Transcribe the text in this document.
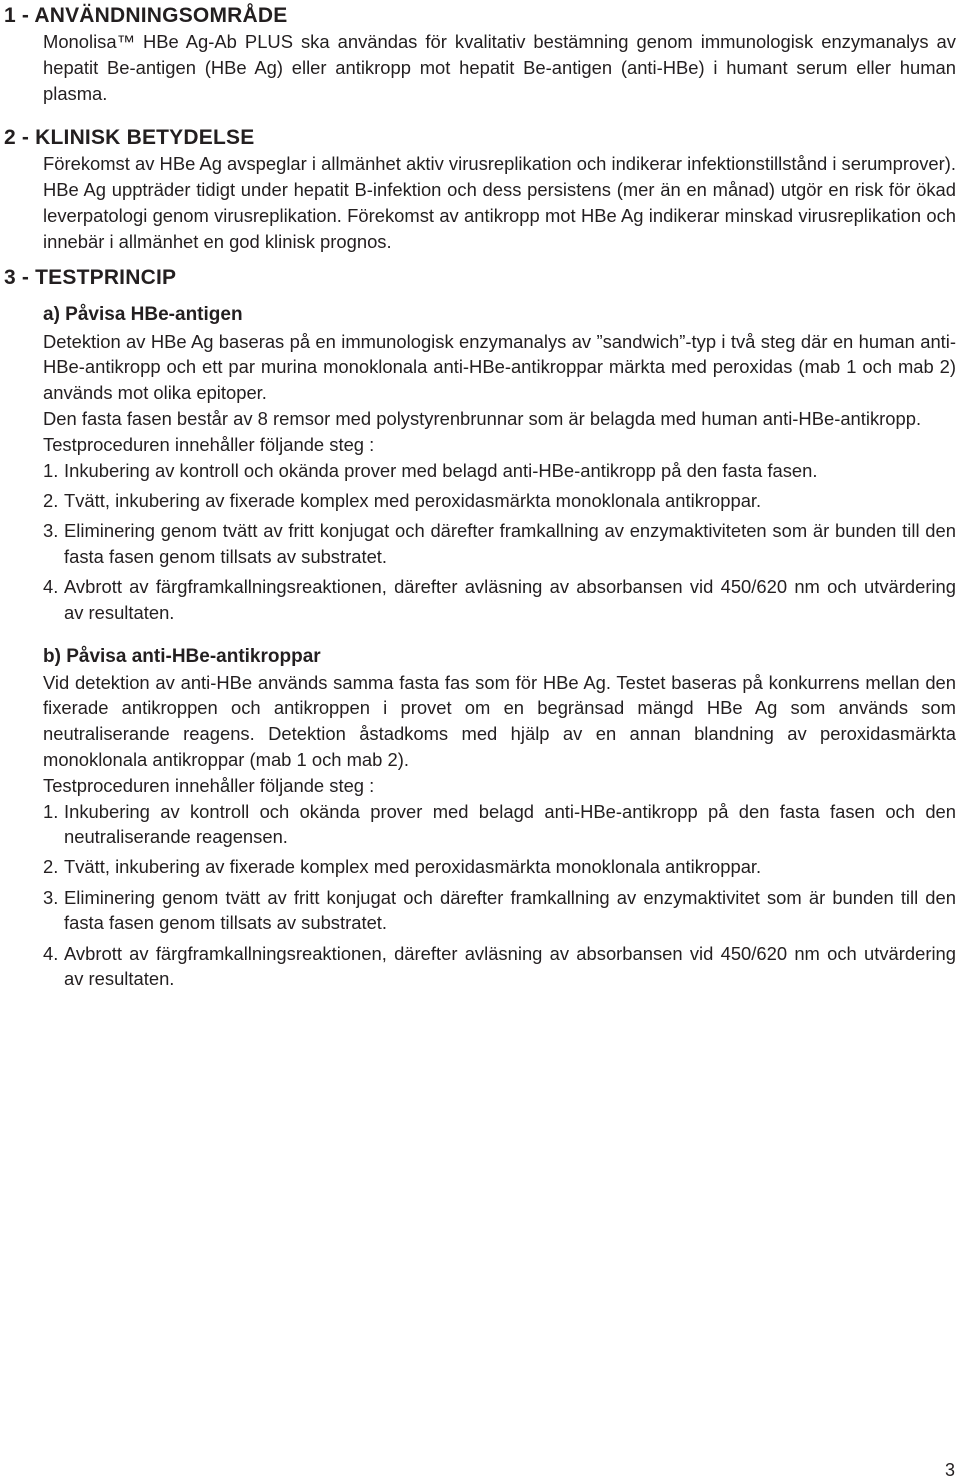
1 - ANVÄNDNINGSOMRÅDE

Monolisa™ HBe Ag-Ab PLUS ska användas för kvalitativ bestämning genom immunologisk enzymanalys av hepatit Be-antigen (HBe Ag) eller antikropp mot hepatit Be-antigen (anti-HBe) i humant serum eller human plasma.

2 - KLINISK BETYDELSE

Förekomst av HBe Ag avspeglar i allmänhet aktiv virusreplikation och indikerar infektionstillstånd i serumprover). HBe Ag uppträder tidigt under hepatit B-infektion och dess persistens (mer än en månad) utgör en risk för ökad leverpatologi genom virusreplikation. Förekomst av antikropp mot HBe Ag indikerar minskad virusreplikation och innebär i allmänhet en god klinisk prognos.

3 - TESTPRINCIP
a) Påvisa HBe-antigen

Detektion av HBe Ag baseras på en immunologisk enzymanalys av ”sandwich”-typ i två steg där en human anti-HBe-antikropp och ett par murina monoklonala anti-HBe-antikroppar märkta med peroxidas (mab 1 och mab 2) används mot olika epitoper.

Den fasta fasen består av 8 remsor med polystyrenbrunnar som är belagda med human anti-HBe-antikropp.

Testproceduren innehåller följande steg :

1. Inkubering av kontroll och okända prover med belagd anti-HBe-antikropp på den fasta fasen.
2. Tvätt, inkubering av fixerade komplex med peroxidasmärkta monoklonala antikroppar.
3. Eliminering genom tvätt av fritt konjugat och därefter framkallning av enzymaktiviteten som är bunden till den fasta fasen genom tillsats av substratet.
4. Avbrott av färgframkallningsreaktionen, därefter avläsning av absorbansen vid 450/620 nm och utvärdering av resultaten.
b) Påvisa anti-HBe-antikroppar

Vid detektion av anti-HBe används samma fasta fas som för HBe Ag. Testet baseras på konkurrens mellan den fixerade antikroppen och antikroppen i provet om en begränsad mängd HBe Ag som används som neutraliserande reagens. Detektion åstadkoms med hjälp av en annan blandning av peroxidasmärkta monoklonala antikroppar (mab 1 och mab 2).

Testproceduren innehåller följande steg :

1. Inkubering av kontroll och okända prover med belagd anti-HBe-antikropp på den fasta fasen och den neutraliserande reagensen.
2. Tvätt, inkubering av fixerade komplex med peroxidasmärkta monoklonala antikroppar.
3. Eliminering genom tvätt av fritt konjugat och därefter framkallning av enzymaktivitet som är bunden till den fasta fasen genom tillsats av substratet.
4. Avbrott av färgframkallningsreaktionen, därefter avläsning av absorbansen vid 450/620 nm och utvärdering av resultaten.
3
